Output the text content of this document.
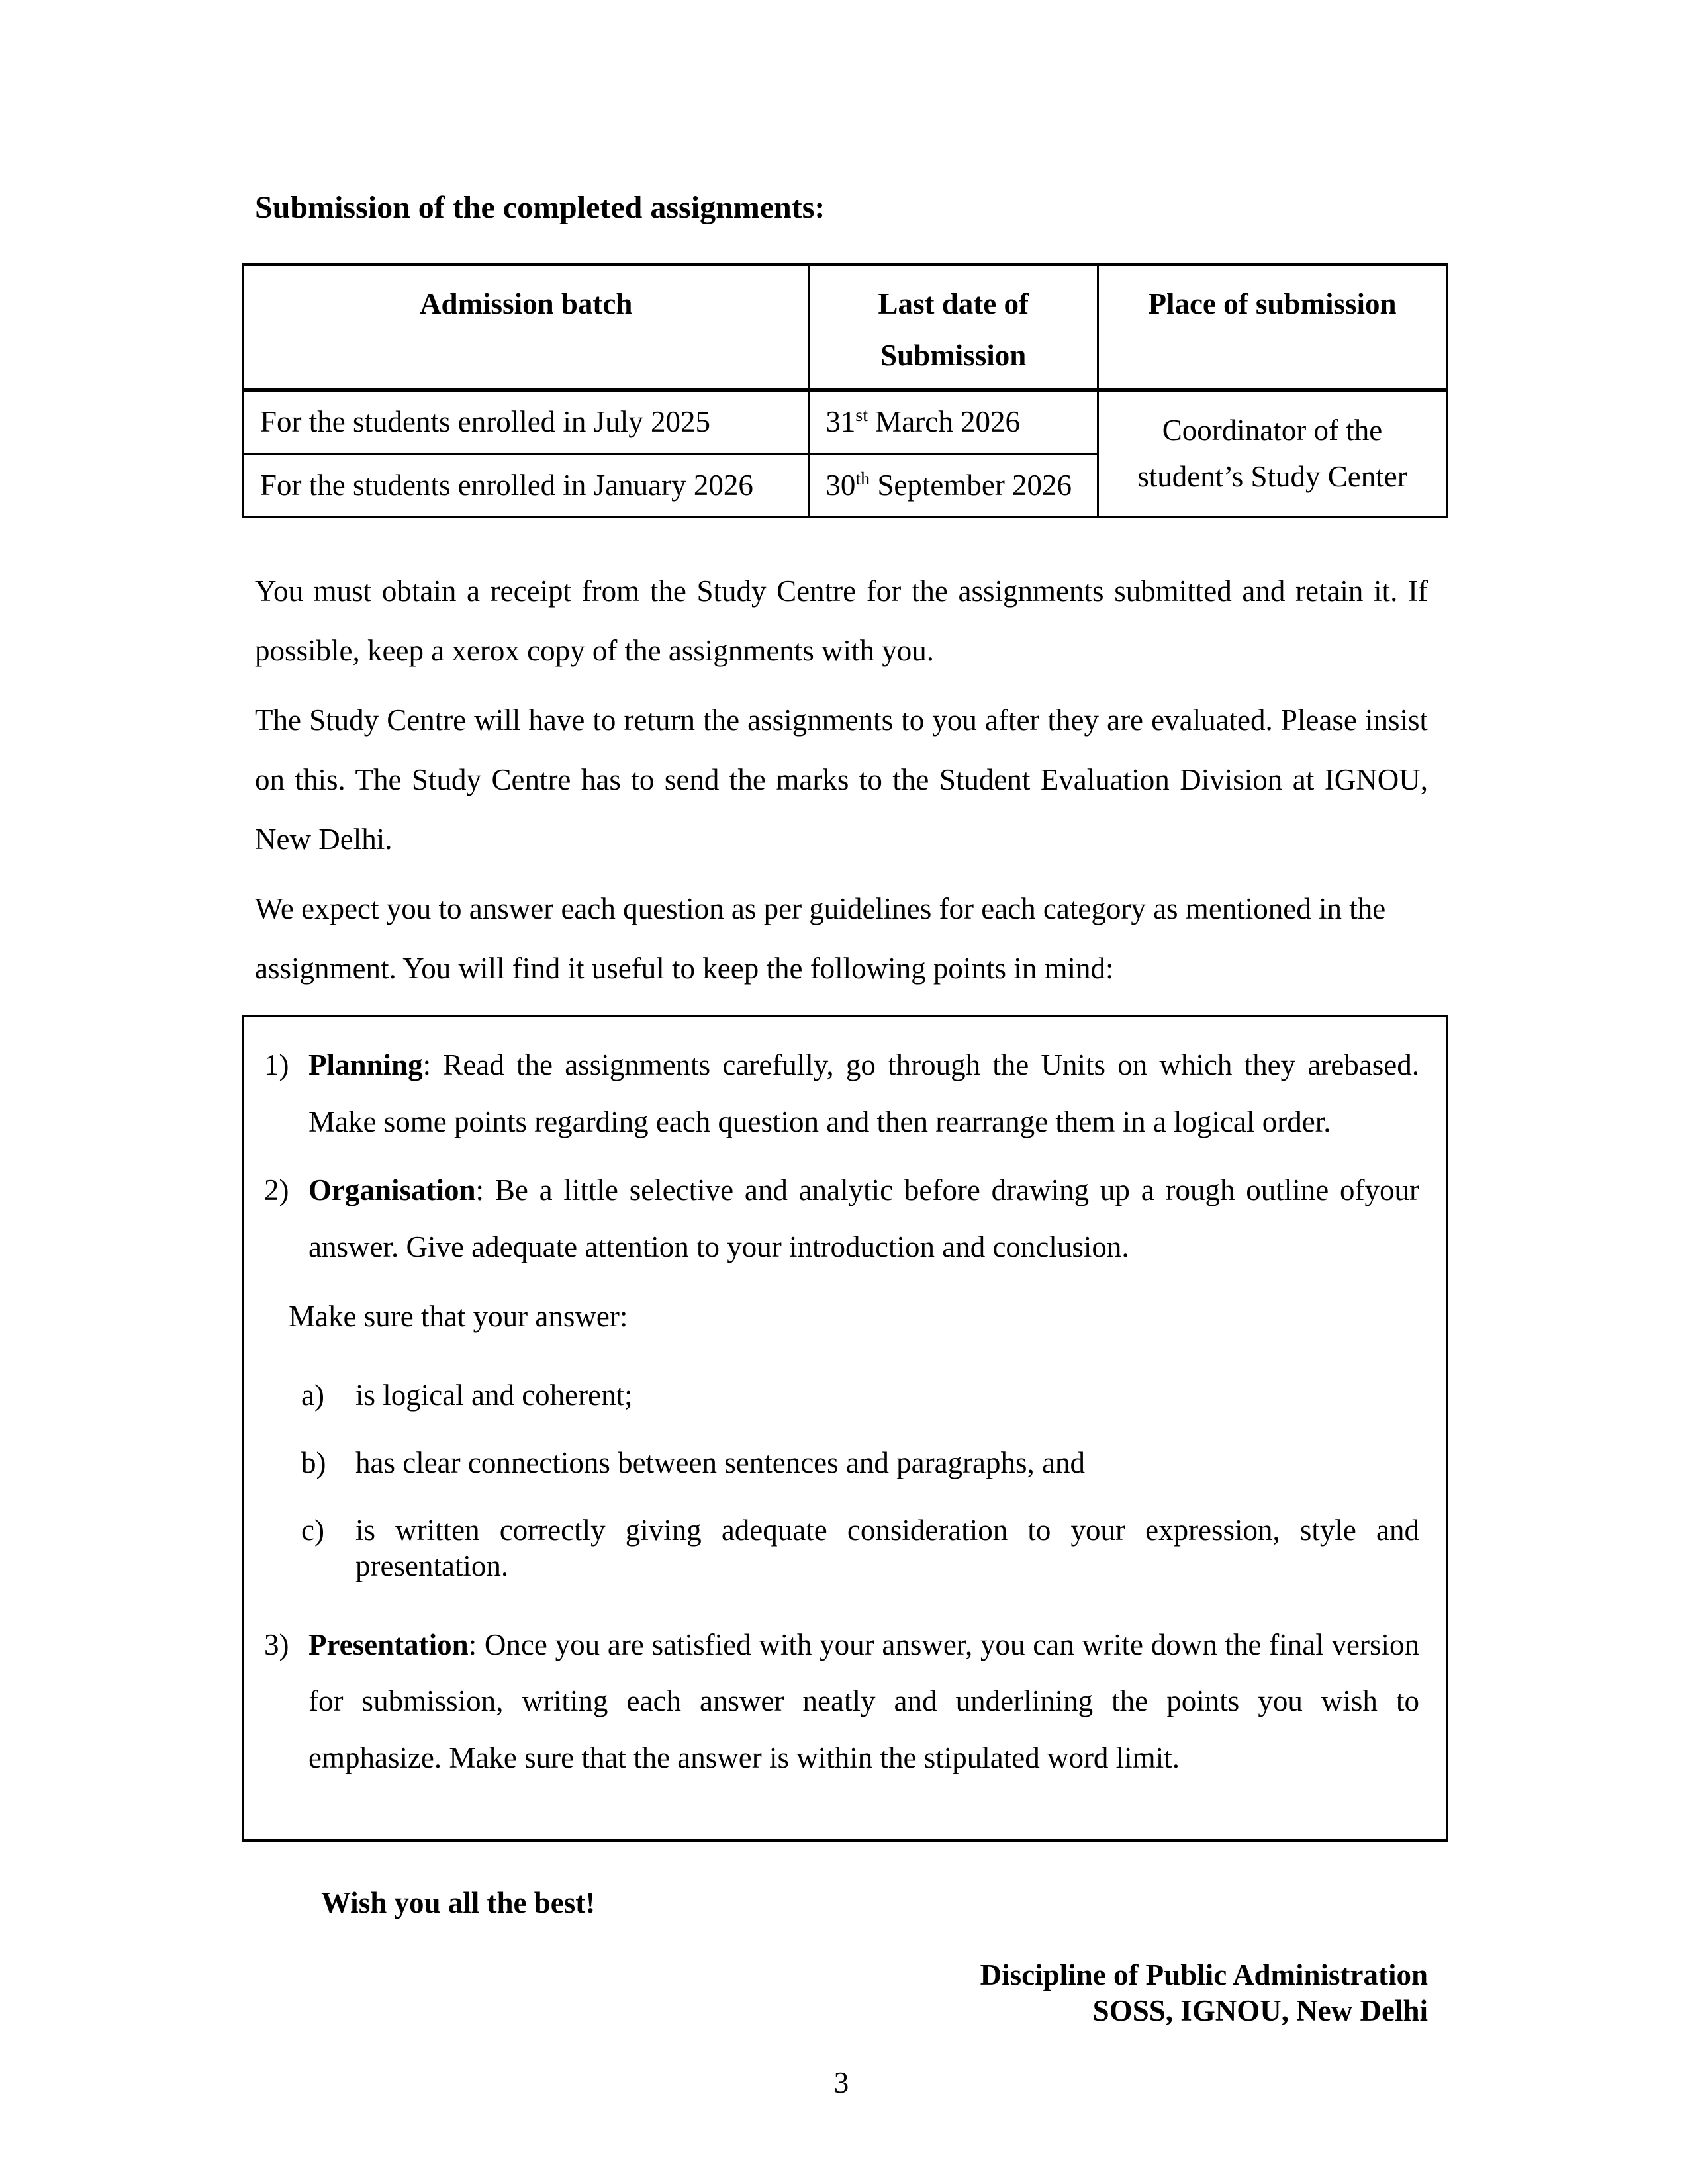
Submission of the completed assignments:

Admission batch	Last date of Submission	Place of submission
For the students enrolled in July 2025	31st March 2026	Coordinator of the student’s Study Center
For the students enrolled in January 2026	30th September 2026	

You must obtain a receipt from the Study Centre for the assignments submitted and retain it. If possible, keep a xerox copy of the assignments with you.

The Study Centre will have to return the assignments to you after they are evaluated. Please insist on this. The Study Centre has to send the marks to the Student Evaluation Division at IGNOU, New Delhi.

We expect you to answer each question as per guidelines for each category as mentioned in the assignment. You will find it useful to keep the following points in mind:

1) Planning: Read the assignments carefully, go through the Units on which they arebased. Make some points regarding each question and then rearrange them in a logical order.

2) Organisation: Be a little selective and analytic before drawing up a rough outline ofyour answer. Give adequate attention to your introduction and conclusion.

Make sure that your answer:

a) is logical and coherent;

b) has clear connections between sentences and paragraphs, and

c) is written correctly giving adequate consideration to your expression, style and presentation.

3) Presentation: Once you are satisfied with your answer, you can write down the final version for submission, writing each answer neatly and underlining the points you wish to emphasize. Make sure that the answer is within the stipulated word limit.

Wish you all the best!

Discipline of Public Administration

SOSS, IGNOU, New Delhi

3
